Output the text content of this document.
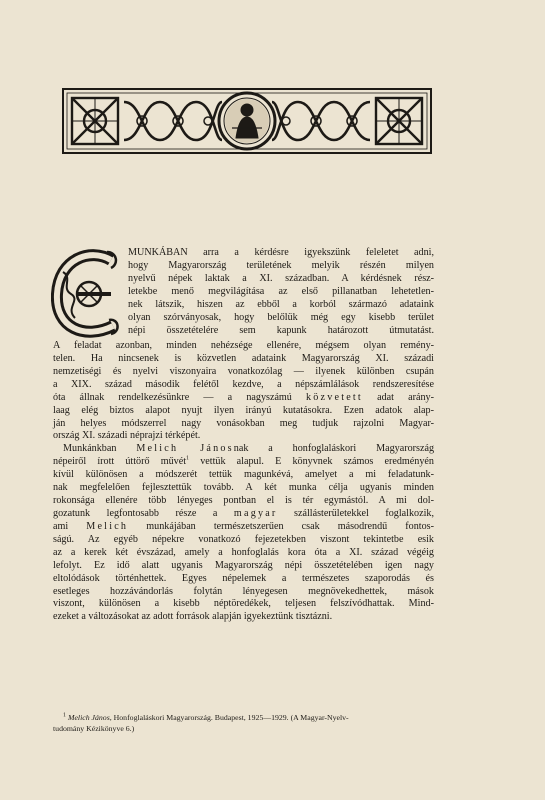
E

MUNKÁBAN arra a kérdésre igyekszünk feleletet adni,
hogy Magyarország területének melyik részén milyen
nyelvű népek laktak a XI. században. A kérdésnek rész-
letekbe menő megvilágítása az első pillanatban lehetetlen-
nek látszik, hiszen az ebből a korból származó adataink
olyan szórványosak, hogy belőlük még egy kisebb terület
népi összetételére sem kapunk határozott útmutatást.

A feladat azonban, minden nehézsége ellenére, mégsem olyan remény-
telen. Ha nincsenek is közvetlen adataink Magyarország XI. századi
nemzetiségi és nyelvi viszonyaira vonatkozólag — ilyenek különben csupán
a XIX. század második felétől kezdve, a népszámlálások rendszeresítése
óta állnak rendelkezésünkre — a nagyszámú közvetett adat arány-
laag elég biztos alapot nyujt ilyen irányú kutatásokra. Ezen adatok alap-
ján helyes módszerrel nagy vonásokban meg tudjuk rajzolni Magyar-
ország XI. századi néprajzi térképét.

Munkánkban Melich Jánosnak a honfoglaláskori Magyarország
népeiről írott úttörő művét$^1$ vettük alapul. E könyvnek számos eredményén
kívül különösen a módszerét tettük magunkévá, amelyet a mi feladatunk-
nak megfelelően fejlesztettük tovább. A két munka célja ugyanis minden
rokonsága ellenére több lényeges pontban el is tér egymástól. A mi dol-
gozatunk legfontosabb része a magyar szállásterületekkel foglalkozik,
ami Melich munkájában természetszerűen csak másodrendű fontos-
ságú. Az egyéb népekre vonatkozó fejezetekben viszont tekintetbe esik
az a kerek két évszázad, amely a honfoglalás kora óta a XI. század végéig
lefolyt. Ez idő alatt ugyanis Magyarország népi összetételében igen nagy
eltolódások történhettek. Egyes népelemek a természetes szaporodás és
esetleges hozzávándorlás folytán lényegesen megnövekedhettek, mások
viszont, különösen a kisebb néptöredékek, teljesen felszívódhattak. Mind-
ezeket a változásokat az adott források alapján igyekeztünk tisztázni.

$^1$ Melich János, Honfoglaláskori Magyarország. Budapest, 1925—1929. (A Magyar-Nyelv-
tudomány Kézikönyve 6.)
